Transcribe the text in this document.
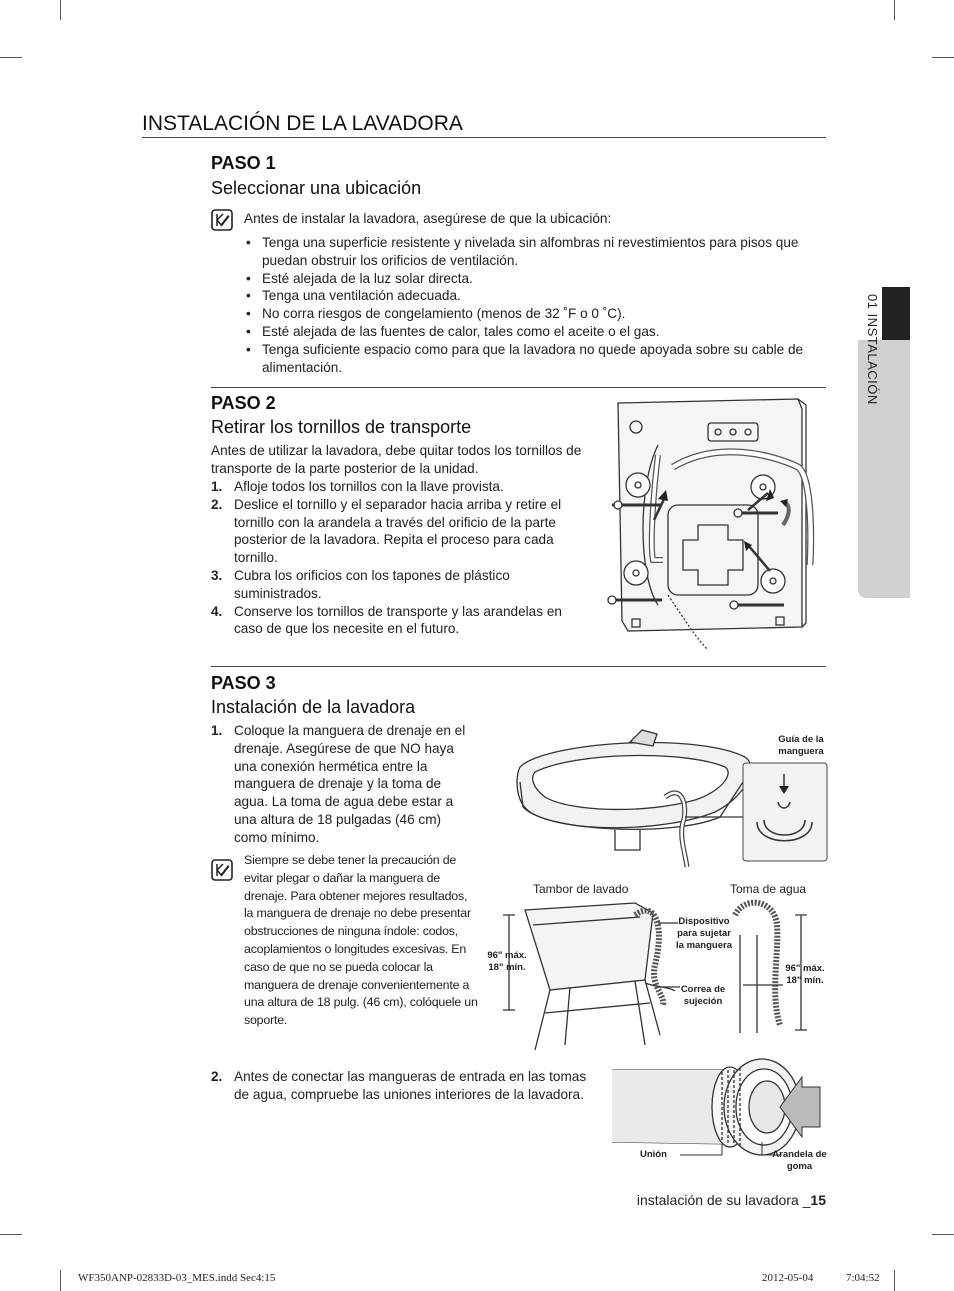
01 INSTALACIÓN
INSTALACIÓN DE LA LAVADORA
PASO 1
Seleccionar una ubicación
Antes de instalar la lavadora, asegúrese de que la ubicación:
• Tenga una superficie resistente y nivelada sin alfombras ni revestimientos para pisos que puedan obstruir los orificios de ventilación.
• Esté alejada de la luz solar directa.
• Tenga una ventilación adecuada.
• No corra riesgos de congelamiento (menos de 32 ˚F o 0 ˚C).
• Esté alejada de las fuentes de calor, tales como el aceite o el gas.
• Tenga suficiente espacio como para que la lavadora no quede apoyada sobre su cable de alimentación.
PASO 2
Retirar los tornillos de transporte
Antes de utilizar la lavadora, debe quitar todos los tornillos de transporte de la parte posterior de la unidad.
1. Afloje todos los tornillos con la llave provista.
2. Deslice el tornillo y el separador hacia arriba y retire el tornillo con la arandela a través del orificio de la parte posterior de la lavadora. Repita el proceso para cada tornillo.
3. Cubra los orificios con los tapones de plástico suministrados.
4. Conserve los tornillos de transporte y las arandelas en caso de que los necesite en el futuro.
PASO 3
Instalación de la lavadora
1. Coloque la manguera de drenaje en el drenaje. Asegúrese de que NO haya una conexión hermética entre la manguera de drenaje y la toma de agua. La toma de agua debe estar a una altura de 18 pulgadas (46 cm) como mínimo.
Siempre se debe tener la precaución de evitar plegar o dañar la manguera de drenaje. Para obtener mejores resultados, la manguera de drenaje no debe presentar obstrucciones de ninguna índole: codos, acoplamientos o longitudes excesivas. En caso de que no se pueda colocar la manguera de drenaje convenientemente a una altura de 18 pulg. (46 cm), colóquele un soporte.
2. Antes de conectar las mangueras de entrada en las tomas de agua, compruebe las uniones interiores de la lavadora.
Guía de la manguera
Tambor de lavado	Toma de agua
96" máx. 18" mín.
Dispositivo para sujetar la manguera
Correa de sujeción
96" máx. 18" mín.
Unión	Arandela de goma
instalación de su lavadora _15
WF350ANP-02833D-03_MES.indd Sec4:15	2012-05-04	7:04:52
